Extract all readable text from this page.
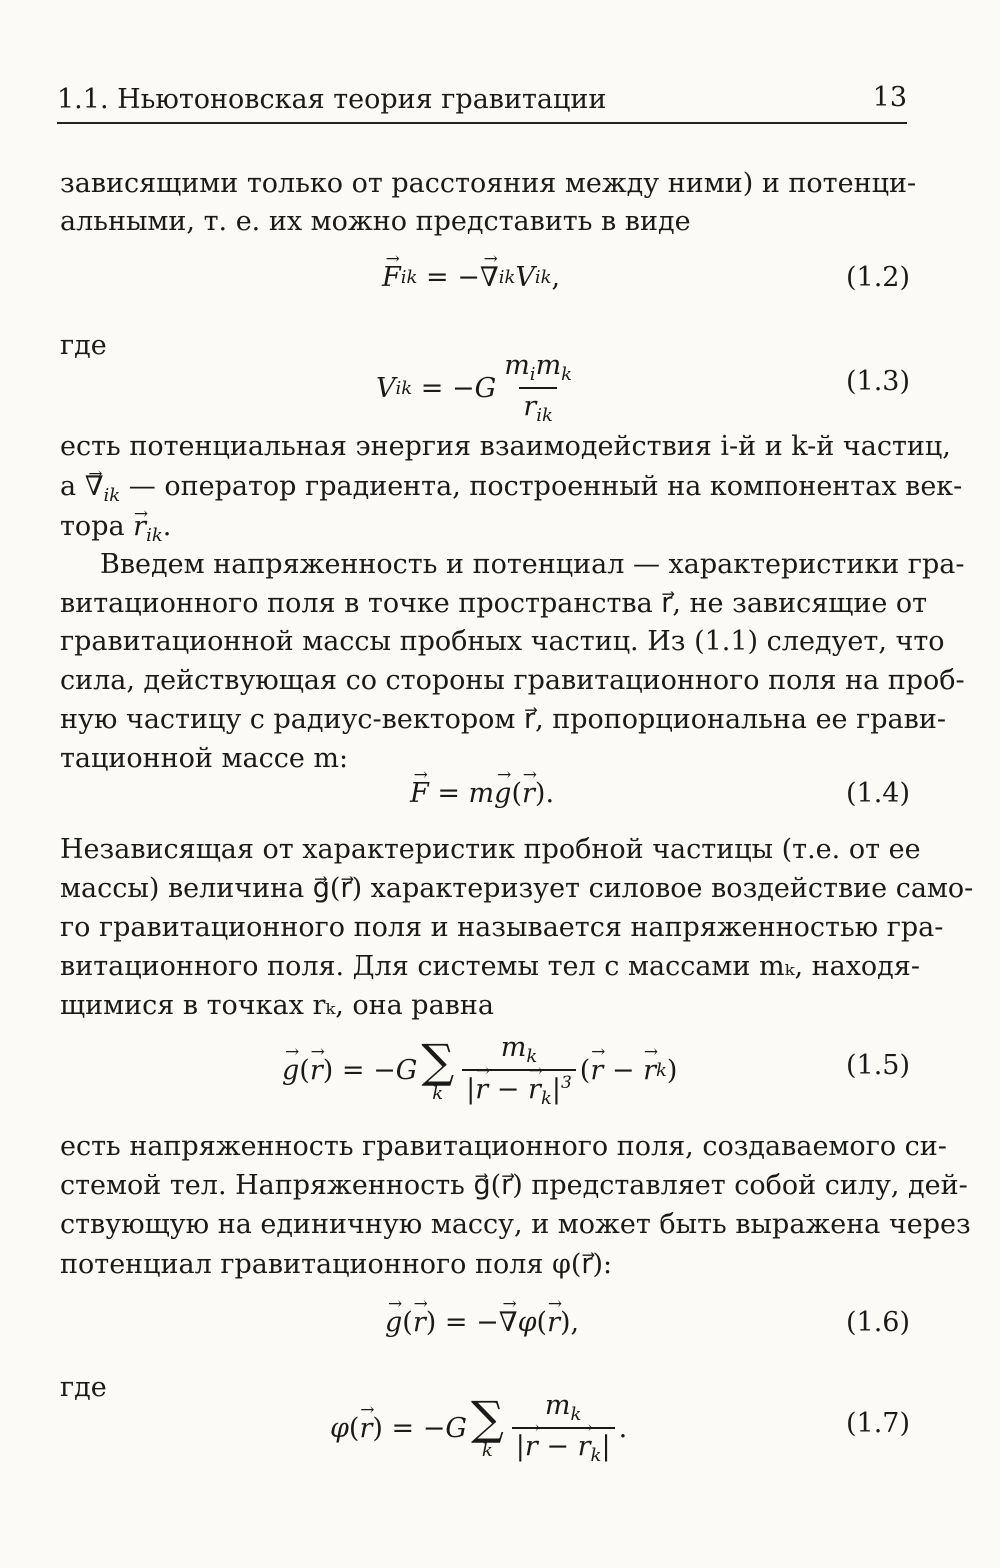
1.1. Ньютоновская теория гравитации	13
зависящими только от расстояния между ними) и потенци-
альными, т. е. их можно представить в виде
→ F ik
=
− → ∇ ik V ik ,	(1.2)
где
V ik
=
− G $\frac{m_im_k}{r_{ik}}$	(1.3)
есть потенциальная энергия взаимодействия i-й и k-й частиц,
$а \to \nabla_{ik}$ — оператор градиента, построенный на компонентах век-
тора → $r_{ik}$.
Введем напряженность и потенциал — характеристики гра-
витационного поля в точке пространства r⃗, не зависящие от
гравитационной массы пробных частиц. Из (1.1) следует, что
сила, действующая со стороны гравитационного поля на проб-
ную частицу с радиус-вектором r⃗, пропорциональна ее грави-
тационной массе m:
→ F
= m → g ( → r ).	(1.4)
Независящая от характеристик пробной частицы (т.е. от ее
массы) величина g⃗(r⃗) характеризует силовое воздействие само-
го гравитационного поля и называется напряженностью гра-
витационного поля. Для системы тел с массами mₖ, находя-
щимися в точках rₖ, она равна
→ g ( → r )
=
− G ∑
k $\frac{m_k}{|\to r - \to r_k|^3}$ ( → r
−
→ r k )	(1.5)
есть напряженность гравитационного поля, создаваемого си-
стемой тел. Напряженность g⃗(r⃗) представляет собой силу, дей-
ствующую на единичную массу, и может быть выражена через
потенциал гравитационного поля φ(r⃗):
→ g ( → r )
=
− → ∇ φ ( → r ),	(1.6)
где
φ ( → r )
=
− G ∑
k $\frac{m_k}{|\to r - \to r_k|}$ .	(1.7)
